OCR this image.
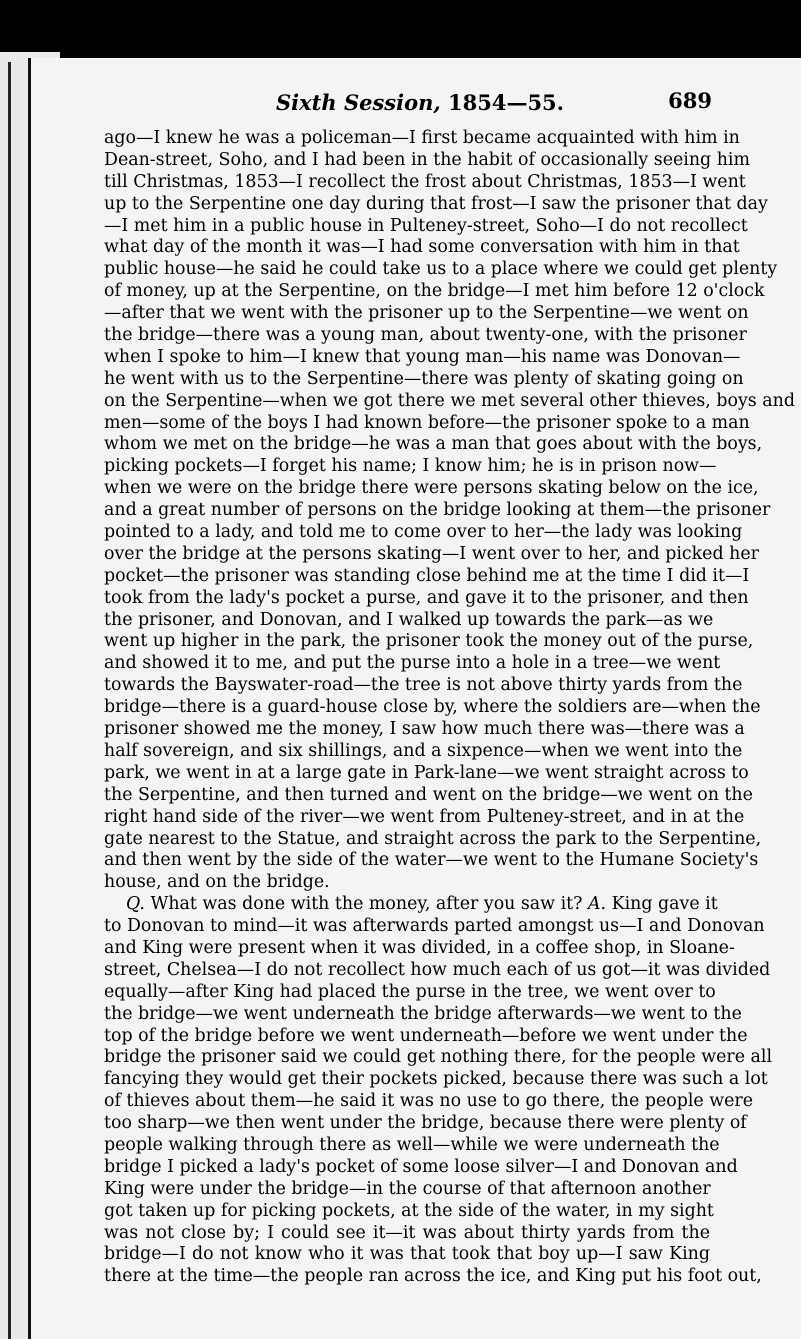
Sixth Session, 1854—55.	689
ago—I knew he was a policeman—I first became acquainted with him in
Dean-street, Soho, and I had been in the habit of occasionally seeing him
till Christmas, 1853—I recollect the frost about Christmas, 1853—I went
up to the Serpentine one day during that frost—I saw the prisoner that day
—I met him in a public house in Pulteney-street, Soho—I do not recollect
what day of the month it was—I had some conversation with him in that
public house—he said he could take us to a place where we could get plenty
of money, up at the Serpentine, on the bridge—I met him before 12 o'clock
—after that we went with the prisoner up to the Serpentine—we went on
the bridge—there was a young man, about twenty-one, with the prisoner
when I spoke to him—I knew that young man—his name was Donovan—
he went with us to the Serpentine—there was plenty of skating going on
on the Serpentine—when we got there we met several other thieves, boys and
men—some of the boys I had known before—the prisoner spoke to a man
whom we met on the bridge—he was a man that goes about with the boys,
picking pockets—I forget his name; I know him; he is in prison now—
when we were on the bridge there were persons skating below on the ice,
and a great number of persons on the bridge looking at them—the prisoner
pointed to a lady, and told me to come over to her—the lady was looking
over the bridge at the persons skating—I went over to her, and picked her
pocket—the prisoner was standing close behind me at the time I did it—I
took from the lady's pocket a purse, and gave it to the prisoner, and then
the prisoner, and Donovan, and I walked up towards the park—as we
went up higher in the park, the prisoner took the money out of the purse,
and showed it to me, and put the purse into a hole in a tree—we went
towards the Bayswater-road—the tree is not above thirty yards from the
bridge—there is a guard-house close by, where the soldiers are—when the
prisoner showed me the money, I saw how much there was—there was a
half sovereign, and six shillings, and a sixpence—when we went into the
park, we went in at a large gate in Park-lane—we went straight across to
the Serpentine, and then turned and went on the bridge—we went on the
right hand side of the river—we went from Pulteney-street, and in at the
gate nearest to the Statue, and straight across the park to the Serpentine,
and then went by the side of the water—we went to the Humane Society's
house, and on the bridge.
Q. What was done with the money, after you saw it? A. King gave it
to Donovan to mind—it was afterwards parted amongst us—I and Donovan
and King were present when it was divided, in a coffee shop, in Sloane-
street, Chelsea—I do not recollect how much each of us got—it was divided
equally—after King had placed the purse in the tree, we went over to
the bridge—we went underneath the bridge afterwards—we went to the
top of the bridge before we went underneath—before we went under the
bridge the prisoner said we could get nothing there, for the people were all
fancying they would get their pockets picked, because there was such a lot
of thieves about them—he said it was no use to go there, the people were
too sharp—we then went under the bridge, because there were plenty of
people walking through there as well—while we were underneath the
bridge I picked a lady's pocket of some loose silver—I and Donovan and
King were under the bridge—in the course of that afternoon another
got taken up for picking pockets, at the side of the water, in my sight
was not close by; I could see it—it was about thirty yards from the
bridge—I do not know who it was that took that boy up—I saw King
there at the time—the people ran across the ice, and King put his foot out,
